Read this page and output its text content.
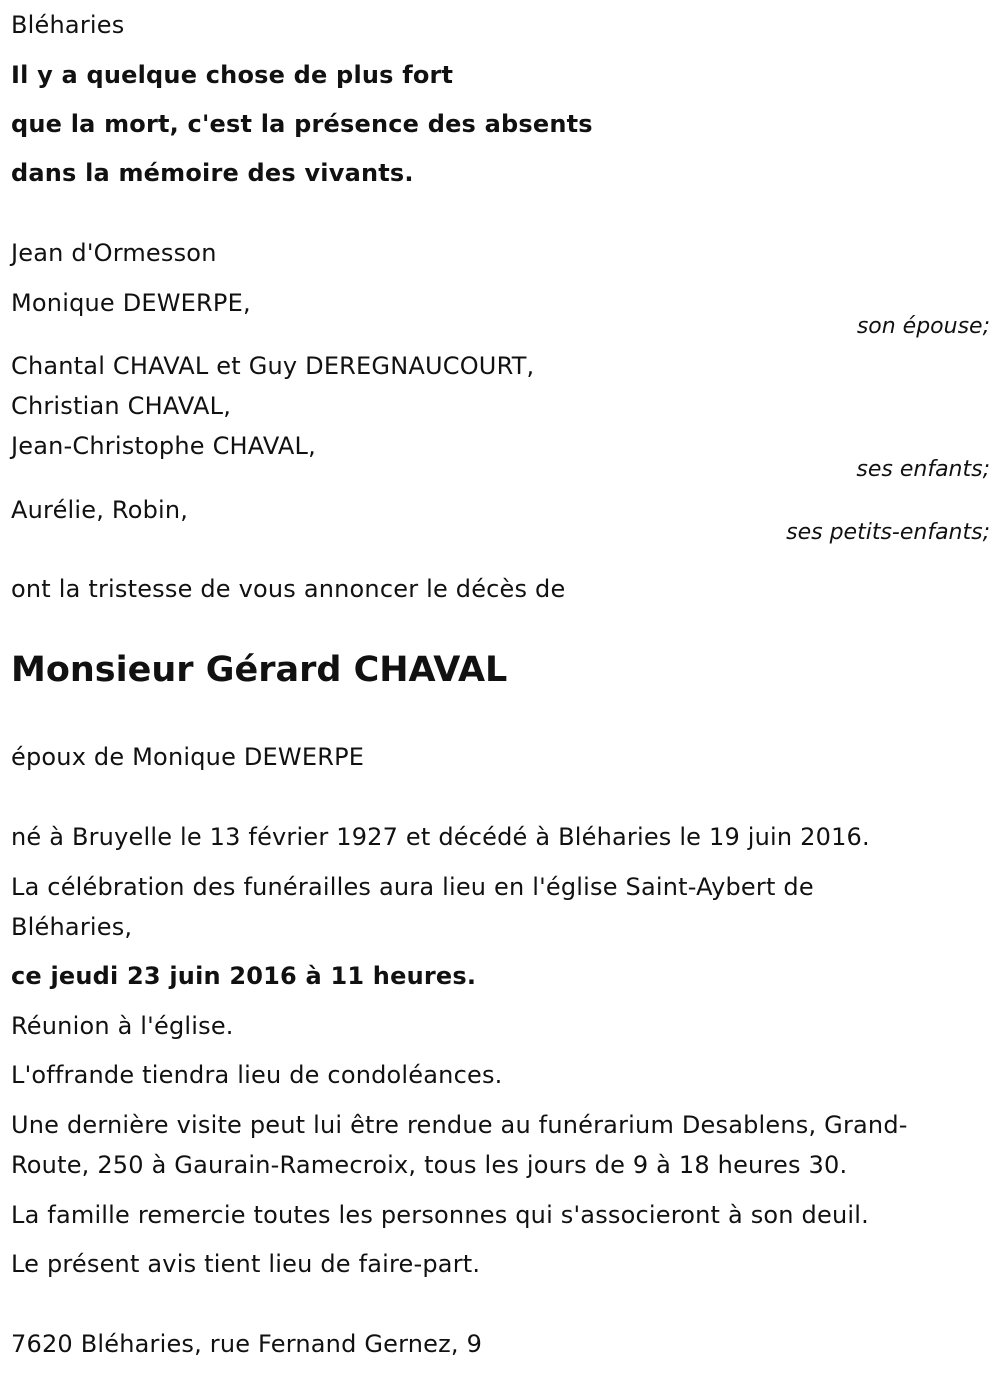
Bléharies
Il y a quelque chose de plus fort
que la mort, c'est la présence des absents
dans la mémoire des vivants.
Jean d'Ormesson
Monique DEWERPE,
son épouse;
Chantal CHAVAL et Guy DEREGNAUCOURT,
Christian CHAVAL,
Jean-Christophe CHAVAL,
ses enfants;
Aurélie, Robin,
ses petits-enfants;
ont la tristesse de vous annoncer le décès de
Monsieur Gérard CHAVAL
époux de Monique DEWERPE
né à Bruyelle le 13 février 1927 et décédé à Bléharies le 19 juin 2016.
La célébration des funérailles aura lieu en l'église Saint-Aybert de
Bléharies,
ce jeudi 23 juin 2016 à 11 heures.
Réunion à l'église.
L'offrande tiendra lieu de condoléances.
Une dernière visite peut lui être rendue au funérarium Desablens, Grand-
Route, 250 à Gaurain-Ramecroix, tous les jours de 9 à 18 heures 30.
La famille remercie toutes les personnes qui s'associeront à son deuil.
Le présent avis tient lieu de faire-part.
7620 Bléharies, rue Fernand Gernez, 9
